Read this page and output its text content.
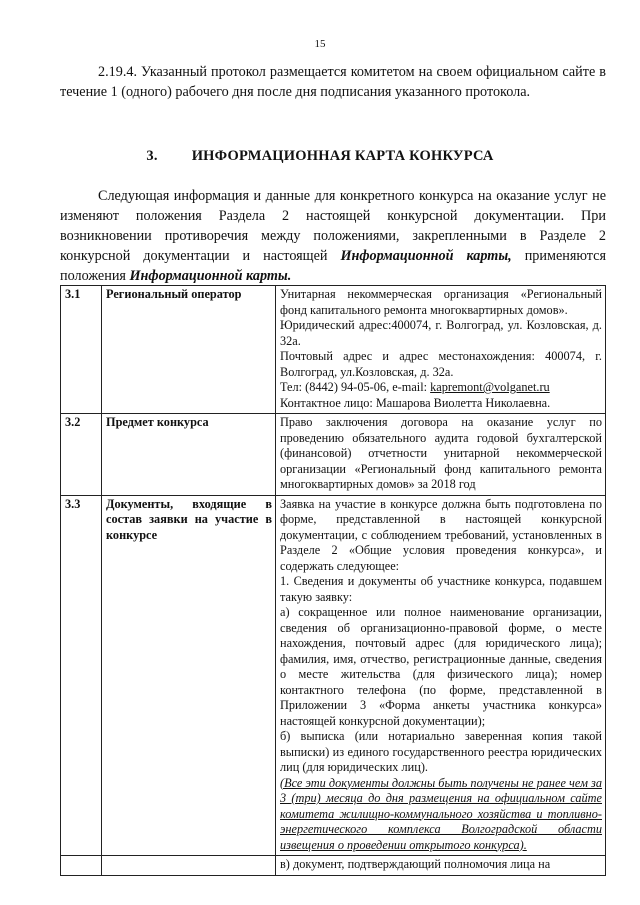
15
2.19.4. Указанный протокол размещается комитетом на своем официальном сайте в течение 1 (одного) рабочего дня после дня подписания указанного протокола.
3. ИНФОРМАЦИОННАЯ КАРТА КОНКУРСА
Следующая информация и данные для конкретного конкурса на оказание услуг не изменяют положения Раздела 2 настоящей конкурсной документации. При возникновении противоречия между положениями, закрепленными в Разделе 2 конкурсной документации и настоящей Информационной карты, применяются положения Информационной карты.
3.1	Региональный оператор	Унитарная некоммерческая организация «Региональный фонд капитального ремонта многоквартирных домов».
Юридический адрес:400074, г. Волгоград, ул. Козловская, д. 32а.
Почтовый адрес и адрес местонахождения: 400074, г. Волгоград, ул.Козловская, д. 32а.
Тел: (8442) 94-05-06, e-mail: kapremont@volganet.ru
Контактное лицо: Машарова Виолетта Николаевна.

3.2	Предмет конкурса	Право заключения договора на оказание услуг по проведению обязательного аудита годовой бухгалтерской (финансовой) отчетности унитарной некоммерческой организации «Региональный фонд капитального ремонта многоквартирных домов» за 2018 год
3.3	Документы, входящие в состав заявки на участие в конкурсе	Заявка на участие в конкурсе должна быть подготовлена по форме, представленной в настоящей конкурсной документации, с соблюдением требований, установленных в Разделе 2 «Общие условия проведения конкурса», и содержать следующее:
1. Сведения и документы об участнике конкурса, подавшем такую заявку:
а) сокращенное или полное наименование организации, сведения об организационно-правовой форме, о месте нахождения, почтовый адрес (для юридического лица); фамилия, имя, отчество, регистрационные данные, сведения о месте жительства (для физического лица); номер контактного телефона (по форме, представленной в Приложении 3 «Форма анкеты участника конкурса» настоящей конкурсной документации);
б) выписка (или нотариально заверенная копия такой выписки) из единого государственного реестра юридических лиц (для юридических лиц).
(Все эти документы должны быть получены не ранее чем за 3 (три) месяца до дня размещения на официальном сайте комитета жилищно-коммунального хозяйства и топливно-энергетического комплекса Волгоградской области извещения о проведении открытого конкурса).

		в) документ, подтверждающий полномочия лица на
